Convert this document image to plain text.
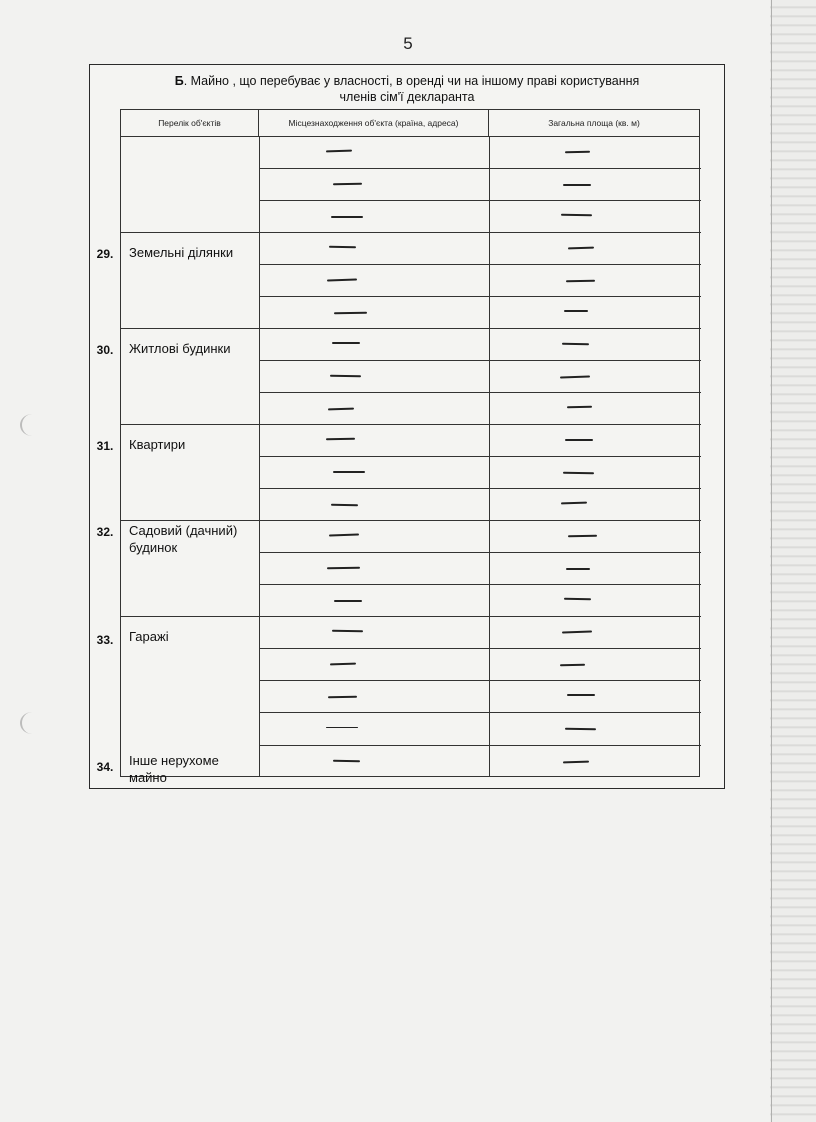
5
Б. Майно , що перебуває у власності, в оренді чи на іншому праві користування
членів сім'ї декларанта
Перелік об'єктів	Місцезнаходження об'єкта (країна, адреса)	Загальна площа (кв. м)
Земельні ділянки
Житлові будинки
Квартири
Садовий (дачний)
будинок
Гаражі
Інше нерухоме
майно
29.
30.
31.
32.
33.
34.
